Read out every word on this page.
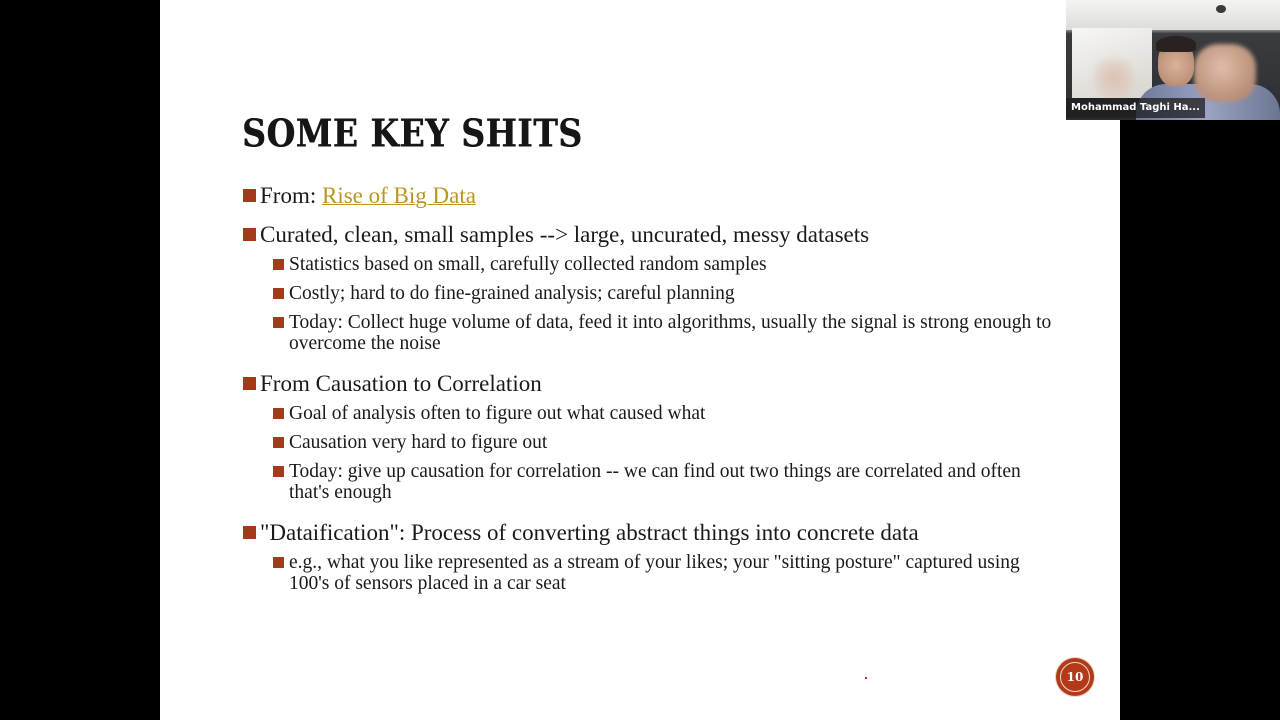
SOME KEY SHITS
From: Rise of Big Data
Curated, clean, small samples --> large, uncurated, messy datasets
Statistics based on small, carefully collected random samples
Costly; hard to do fine-grained analysis; careful planning
Today: Collect huge volume of data, feed it into algorithms, usually the signal is strong enough to overcome the noise
From Causation to Correlation
Goal of analysis often to figure out what caused what
Causation very hard to figure out
Today: give up causation for correlation -- we can find out two things are correlated and often that's enough
"Dataification": Process of converting abstract things into concrete data
e.g., what you like represented as a stream of your likes; your "sitting posture" captured using 100's of sensors placed in a car seat
10
Mohammad Taghi Ha...
